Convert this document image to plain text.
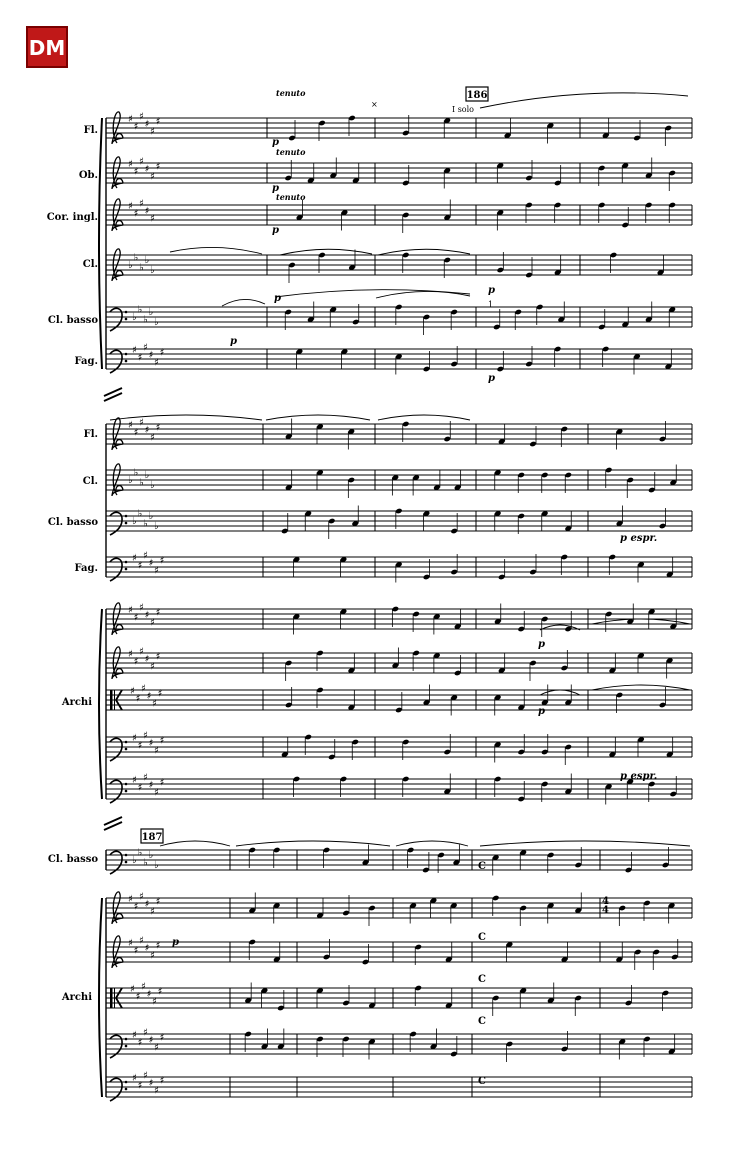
DM
♯
♯
♯
♯
♯
♯
♯
♯
♯
♯
♯
♯
♯
♯
♯
♯
♯
♭
♭
♭
♭
♭
♭
♭
♭
♭
♭
♯
♯
♯
♯
♯
♯
♯
♯
♯
♯
♯
♯
♭
♭
♭
♭
♭
♭
♭
♭
♭
♭
♯
♯
♯
♯
♯
♯
♯
♯
♯
♯
♯
♯
♯
♯
♯
♯
♯
♯
♯
♯
♯
♯
♯
♯
♯
♯
♯
♯
♯
♯
♯
♯
♯
♯
♯
♯
♭
♭
♭
♭
♭
♯
♯
♯
♯
♯
♯
♯
♯
♯
♯
♯
♯
♯
♯
♯
♯
♯
♯
♯
♯
♯
♯
♯
♯
♯
♯
♯
♯
♯
♯
Fl.
Ob.
Cor. ingl.
Cl.
Cl. basso
Fag.
Fl.
Cl.
Cl. basso
Fag.
Archi
Cl. basso
Archi
186
187
tenuto
tenuto
tenuto
I solo
×
1
p
p
p
p
p
p
p
p espr.
p
p
p espr.
p	C
C
C
C
C
4
4
